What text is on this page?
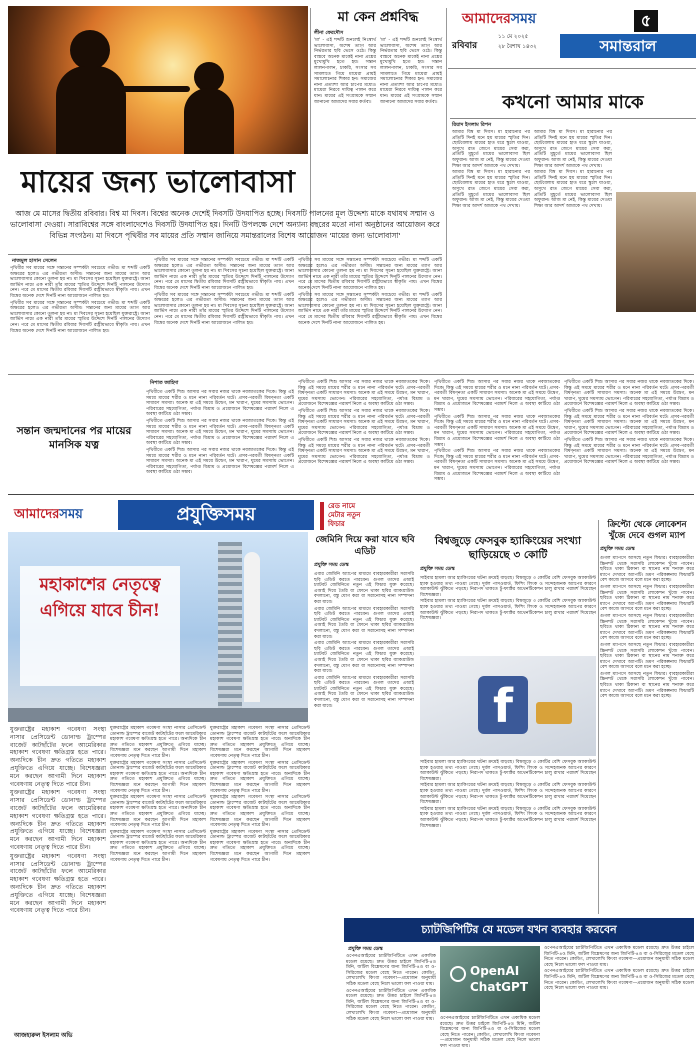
আমাদেরসময়	৫
রবিবার
১১ মে ২০২৫
২৮ বৈশাখ ১৪৩২	সমান্তরাল
মা কেন প্রশ্নবিদ্ধ
লীনা ফেরদৌস

'মা' - এই শব্দটি শুনলেই নিঃস্বার্থ ভালোবাসা, অশেষ ত্যাগ আর নির্ভরতার ছবি ভেসে ওঠে। কিন্তু বাস্তবে অনেক মাকেই নানা প্রশ্নের মুখোমুখি হতে হয়। সন্তান লালনপালন, চাকরি, সংসার সব সামলাতে গিয়ে মায়েরা প্রায়ই সমালোচনার শিকার হন। সমাজের নানা প্রত্যাশা আর চাপের মধ্যেও মায়েরা নিরবে দায়িত্ব পালন করে যান। মায়ের এই সংগ্রামকে সম্মান জানানো আমাদের সবার কর্তব্য।

'মা' - এই শব্দটি শুনলেই নিঃস্বার্থ ভালোবাসা, অশেষ ত্যাগ আর নির্ভরতার ছবি ভেসে ওঠে। কিন্তু বাস্তবে অনেক মাকেই নানা প্রশ্নের মুখোমুখি হতে হয়। সন্তান লালনপালন, চাকরি, সংসার সব সামলাতে গিয়ে মায়েরা প্রায়ই সমালোচনার শিকার হন। সমাজের নানা প্রত্যাশা আর চাপের মধ্যেও মায়েরা নিরবে দায়িত্ব পালন করে যান। মায়ের এই সংগ্রামকে সম্মান জানানো আমাদের সবার কর্তব্য।	কখনো আমার মাকে
রিয়াদ ইসলাম রিপন

আমার বিশ্ব মা দিবস। মা হারানোর পর প্রতিটি দিনই মনে হয় মায়ের স্মৃতির দিন। ছোটবেলায় মায়ের হাত ধরে স্কুলে যাওয়া, অসুখে রাত জেগে মায়ের সেবা করা, প্রতিটি মুহূর্তে মায়ের ভালোবাসা ছিল অফুরান। আজ মা নেই, কিন্তু মায়ের দেওয়া শিক্ষা আর আদর্শ আমাকে পথ দেখায়।

আমার বিশ্ব মা দিবস। মা হারানোর পর প্রতিটি দিনই মনে হয় মায়ের স্মৃতির দিন। ছোটবেলায় মায়ের হাত ধরে স্কুলে যাওয়া, অসুখে রাত জেগে মায়ের সেবা করা, প্রতিটি মুহূর্তে মায়ের ভালোবাসা ছিল অফুরান। আজ মা নেই, কিন্তু মায়ের দেওয়া শিক্ষা আর আদর্শ আমাকে পথ দেখায়।

আমার বিশ্ব মা দিবস। মা হারানোর পর প্রতিটি দিনই মনে হয় মায়ের স্মৃতির দিন। ছোটবেলায় মায়ের হাত ধরে স্কুলে যাওয়া, অসুখে রাত জেগে মায়ের সেবা করা, প্রতিটি মুহূর্তে মায়ের ভালোবাসা ছিল অফুরান। আজ মা নেই, কিন্তু মায়ের দেওয়া শিক্ষা আর আদর্শ আমাকে পথ দেখায়।

আমার বিশ্ব মা দিবস। মা হারানোর পর প্রতিটি দিনই মনে হয় মায়ের স্মৃতির দিন। ছোটবেলায় মায়ের হাত ধরে স্কুলে যাওয়া, অসুখে রাত জেগে মায়ের সেবা করা, প্রতিটি মুহূর্তে মায়ের ভালোবাসা ছিল অফুরান। আজ মা নেই, কিন্তু মায়ের দেওয়া শিক্ষা আর আদর্শ আমাকে পথ দেখায়।

মায়ের জন্য ভালোবাসা
আজ মে মাসের দ্বিতীয় রবিবার। বিশ্ব মা দিবস। বিশ্বের অনেক দেশেই দিবসটি উদযাপিত হচ্ছে। দিবসটি পালনের মূল উদ্দেশ্য মাকে যথাযথ সম্মান ও ভালোবাসা দেওয়া। সারাবিশ্বের সঙ্গে বাংলাদেশেও দিবসটি উদযাপিত হয়। দিনটি উপলক্ষে দেশে অন্যান্য বছরের মতো নানা অনুষ্ঠানের আয়োজন করে বিভিন্ন সংগঠন। মা দিবসে পৃথিবীর সব মায়ের প্রতি সম্মান জানিয়ে সমান্তরালের বিশেষ আয়োজন 'মায়ের জন্য ভালোবাসা'
নাজমুল হাসান সেলেন

পৃথিবীর সব মায়ের সঙ্গে সন্তানের সম্পর্কটা সবচেয়ে গভীর। মা শব্দটি একটি অক্ষরের হলেও এর গভীরতা অসীম। সন্তানের জন্য মায়ের ত্যাগ আর ভালোবাসার কোনো তুলনা হয় না। মা দিবসের সূচনা হয়েছিল যুক্তরাষ্ট্রে। আনা জার্ভিস নামে এক নারী তাঁর মায়ের স্মৃতির উদ্দেশে দিনটি পালনের উদ্যোগ নেন। পরে মে মাসের দ্বিতীয় রবিবার দিবসটি রাষ্ট্রীয়ভাবে স্বীকৃতি পায়। এখন বিশ্বের অনেক দেশে দিনটি নানা আয়োজনে পালিত হয়।

পৃথিবীর সব মায়ের সঙ্গে সন্তানের সম্পর্কটা সবচেয়ে গভীর। মা শব্দটি একটি অক্ষরের হলেও এর গভীরতা অসীম। সন্তানের জন্য মায়ের ত্যাগ আর ভালোবাসার কোনো তুলনা হয় না। মা দিবসের সূচনা হয়েছিল যুক্তরাষ্ট্রে। আনা জার্ভিস নামে এক নারী তাঁর মায়ের স্মৃতির উদ্দেশে দিনটি পালনের উদ্যোগ নেন। পরে মে মাসের দ্বিতীয় রবিবার দিবসটি রাষ্ট্রীয়ভাবে স্বীকৃতি পায়। এখন বিশ্বের অনেক দেশে দিনটি নানা আয়োজনে পালিত হয়।

পৃথিবীর সব মায়ের সঙ্গে সন্তানের সম্পর্কটা সবচেয়ে গভীর। মা শব্দটি একটি অক্ষরের হলেও এর গভীরতা অসীম। সন্তানের জন্য মায়ের ত্যাগ আর ভালোবাসার কোনো তুলনা হয় না। মা দিবসের সূচনা হয়েছিল যুক্তরাষ্ট্রে। আনা জার্ভিস নামে এক নারী তাঁর মায়ের স্মৃতির উদ্দেশে দিনটি পালনের উদ্যোগ নেন। পরে মে মাসের দ্বিতীয় রবিবার দিবসটি রাষ্ট্রীয়ভাবে স্বীকৃতি পায়। এখন বিশ্বের অনেক দেশে দিনটি নানা আয়োজনে পালিত হয়।

পৃথিবীর সব মায়ের সঙ্গে সন্তানের সম্পর্কটা সবচেয়ে গভীর। মা শব্দটি একটি অক্ষরের হলেও এর গভীরতা অসীম। সন্তানের জন্য মায়ের ত্যাগ আর ভালোবাসার কোনো তুলনা হয় না। মা দিবসের সূচনা হয়েছিল যুক্তরাষ্ট্রে। আনা জার্ভিস নামে এক নারী তাঁর মায়ের স্মৃতির উদ্দেশে দিনটি পালনের উদ্যোগ নেন। পরে মে মাসের দ্বিতীয় রবিবার দিবসটি রাষ্ট্রীয়ভাবে স্বীকৃতি পায়। এখন বিশ্বের অনেক দেশে দিনটি নানা আয়োজনে পালিত হয়।

পৃথিবীর সব মায়ের সঙ্গে সন্তানের সম্পর্কটা সবচেয়ে গভীর। মা শব্দটি একটি অক্ষরের হলেও এর গভীরতা অসীম। সন্তানের জন্য মায়ের ত্যাগ আর ভালোবাসার কোনো তুলনা হয় না। মা দিবসের সূচনা হয়েছিল যুক্তরাষ্ট্রে। আনা জার্ভিস নামে এক নারী তাঁর মায়ের স্মৃতির উদ্দেশে দিনটি পালনের উদ্যোগ নেন। পরে মে মাসের দ্বিতীয় রবিবার দিবসটি রাষ্ট্রীয়ভাবে স্বীকৃতি পায়। এখন বিশ্বের অনেক দেশে দিনটি নানা আয়োজনে পালিত হয়।

পৃথিবীর সব মায়ের সঙ্গে সন্তানের সম্পর্কটা সবচেয়ে গভীর। মা শব্দটি একটি অক্ষরের হলেও এর গভীরতা অসীম। সন্তানের জন্য মায়ের ত্যাগ আর ভালোবাসার কোনো তুলনা হয় না। মা দিবসের সূচনা হয়েছিল যুক্তরাষ্ট্রে। আনা জার্ভিস নামে এক নারী তাঁর মায়ের স্মৃতির উদ্দেশে দিনটি পালনের উদ্যোগ নেন। পরে মে মাসের দ্বিতীয় রবিবার দিবসটি রাষ্ট্রীয়ভাবে স্বীকৃতি পায়। এখন বিশ্বের অনেক দেশে দিনটি নানা আয়োজনে পালিত হয়।

সন্তান জন্মদানের পর মায়ের মানসিক যত্ন
নিশাত জাহিদা

পৃথিবীতে একটি শিশু আসার পর সবার নজর থাকে নবজাতকের দিকে। কিন্তু এই সময়ে মায়ের শরীর ও মনে নানা পরিবর্তন ঘটে। প্রসব-পরবর্তী বিষণ্নতা একটি সাধারণ সমস্যা। অনেক মা এই সময়ে উদ্বেগ, মন খারাপ, ঘুমের সমস্যায় ভোগেন। পরিবারের সহযোগিতা, পর্যাপ্ত বিশ্রাম ও প্রয়োজনে বিশেষজ্ঞের পরামর্শ নিলে এ অবস্থা কাটিয়ে ওঠা সম্ভব।

পৃথিবীতে একটি শিশু আসার পর সবার নজর থাকে নবজাতকের দিকে। কিন্তু এই সময়ে মায়ের শরীর ও মনে নানা পরিবর্তন ঘটে। প্রসব-পরবর্তী বিষণ্নতা একটি সাধারণ সমস্যা। অনেক মা এই সময়ে উদ্বেগ, মন খারাপ, ঘুমের সমস্যায় ভোগেন। পরিবারের সহযোগিতা, পর্যাপ্ত বিশ্রাম ও প্রয়োজনে বিশেষজ্ঞের পরামর্শ নিলে এ অবস্থা কাটিয়ে ওঠা সম্ভব।

পৃথিবীতে একটি শিশু আসার পর সবার নজর থাকে নবজাতকের দিকে। কিন্তু এই সময়ে মায়ের শরীর ও মনে নানা পরিবর্তন ঘটে। প্রসব-পরবর্তী বিষণ্নতা একটি সাধারণ সমস্যা। অনেক মা এই সময়ে উদ্বেগ, মন খারাপ, ঘুমের সমস্যায় ভোগেন। পরিবারের সহযোগিতা, পর্যাপ্ত বিশ্রাম ও প্রয়োজনে বিশেষজ্ঞের পরামর্শ নিলে এ অবস্থা কাটিয়ে ওঠা সম্ভব।

পৃথিবীতে একটি শিশু আসার পর সবার নজর থাকে নবজাতকের দিকে। কিন্তু এই সময়ে মায়ের শরীর ও মনে নানা পরিবর্তন ঘটে। প্রসব-পরবর্তী বিষণ্নতা একটি সাধারণ সমস্যা। অনেক মা এই সময়ে উদ্বেগ, মন খারাপ, ঘুমের সমস্যায় ভোগেন। পরিবারের সহযোগিতা, পর্যাপ্ত বিশ্রাম ও প্রয়োজনে বিশেষজ্ঞের পরামর্শ নিলে এ অবস্থা কাটিয়ে ওঠা সম্ভব।

পৃথিবীতে একটি শিশু আসার পর সবার নজর থাকে নবজাতকের দিকে। কিন্তু এই সময়ে মায়ের শরীর ও মনে নানা পরিবর্তন ঘটে। প্রসব-পরবর্তী বিষণ্নতা একটি সাধারণ সমস্যা। অনেক মা এই সময়ে উদ্বেগ, মন খারাপ, ঘুমের সমস্যায় ভোগেন। পরিবারের সহযোগিতা, পর্যাপ্ত বিশ্রাম ও প্রয়োজনে বিশেষজ্ঞের পরামর্শ নিলে এ অবস্থা কাটিয়ে ওঠা সম্ভব।

পৃথিবীতে একটি শিশু আসার পর সবার নজর থাকে নবজাতকের দিকে। কিন্তু এই সময়ে মায়ের শরীর ও মনে নানা পরিবর্তন ঘটে। প্রসব-পরবর্তী বিষণ্নতা একটি সাধারণ সমস্যা। অনেক মা এই সময়ে উদ্বেগ, মন খারাপ, ঘুমের সমস্যায় ভোগেন। পরিবারের সহযোগিতা, পর্যাপ্ত বিশ্রাম ও প্রয়োজনে বিশেষজ্ঞের পরামর্শ নিলে এ অবস্থা কাটিয়ে ওঠা সম্ভব।

পৃথিবীতে একটি শিশু আসার পর সবার নজর থাকে নবজাতকের দিকে। কিন্তু এই সময়ে মায়ের শরীর ও মনে নানা পরিবর্তন ঘটে। প্রসব-পরবর্তী বিষণ্নতা একটি সাধারণ সমস্যা। অনেক মা এই সময়ে উদ্বেগ, মন খারাপ, ঘুমের সমস্যায় ভোগেন। পরিবারের সহযোগিতা, পর্যাপ্ত বিশ্রাম ও প্রয়োজনে বিশেষজ্ঞের পরামর্শ নিলে এ অবস্থা কাটিয়ে ওঠা সম্ভব।

পৃথিবীতে একটি শিশু আসার পর সবার নজর থাকে নবজাতকের দিকে। কিন্তু এই সময়ে মায়ের শরীর ও মনে নানা পরিবর্তন ঘটে। প্রসব-পরবর্তী বিষণ্নতা একটি সাধারণ সমস্যা। অনেক মা এই সময়ে উদ্বেগ, মন খারাপ, ঘুমের সমস্যায় ভোগেন। পরিবারের সহযোগিতা, পর্যাপ্ত বিশ্রাম ও প্রয়োজনে বিশেষজ্ঞের পরামর্শ নিলে এ অবস্থা কাটিয়ে ওঠা সম্ভব।

পৃথিবীতে একটি শিশু আসার পর সবার নজর থাকে নবজাতকের দিকে। কিন্তু এই সময়ে মায়ের শরীর ও মনে নানা পরিবর্তন ঘটে। প্রসব-পরবর্তী বিষণ্নতা একটি সাধারণ সমস্যা। অনেক মা এই সময়ে উদ্বেগ, মন খারাপ, ঘুমের সমস্যায় ভোগেন। পরিবারের সহযোগিতা, পর্যাপ্ত বিশ্রাম ও প্রয়োজনে বিশেষজ্ঞের পরামর্শ নিলে এ অবস্থা কাটিয়ে ওঠা সম্ভব।

পৃথিবীতে একটি শিশু আসার পর সবার নজর থাকে নবজাতকের দিকে। কিন্তু এই সময়ে মায়ের শরীর ও মনে নানা পরিবর্তন ঘটে। প্রসব-পরবর্তী বিষণ্নতা একটি সাধারণ সমস্যা। অনেক মা এই সময়ে উদ্বেগ, মন খারাপ, ঘুমের সমস্যায় ভোগেন। পরিবারের সহযোগিতা, পর্যাপ্ত বিশ্রাম ও প্রয়োজনে বিশেষজ্ঞের পরামর্শ নিলে এ অবস্থা কাটিয়ে ওঠা সম্ভব।

পৃথিবীতে একটি শিশু আসার পর সবার নজর থাকে নবজাতকের দিকে। কিন্তু এই সময়ে মায়ের শরীর ও মনে নানা পরিবর্তন ঘটে। প্রসব-পরবর্তী বিষণ্নতা একটি সাধারণ সমস্যা। অনেক মা এই সময়ে উদ্বেগ, মন খারাপ, ঘুমের সমস্যায় ভোগেন। পরিবারের সহযোগিতা, পর্যাপ্ত বিশ্রাম ও প্রয়োজনে বিশেষজ্ঞের পরামর্শ নিলে এ অবস্থা কাটিয়ে ওঠা সম্ভব।

পৃথিবীতে একটি শিশু আসার পর সবার নজর থাকে নবজাতকের দিকে। কিন্তু এই সময়ে মায়ের শরীর ও মনে নানা পরিবর্তন ঘটে। প্রসব-পরবর্তী বিষণ্নতা একটি সাধারণ সমস্যা। অনেক মা এই সময়ে উদ্বেগ, মন খারাপ, ঘুমের সমস্যায় ভোগেন। পরিবারের সহযোগিতা, পর্যাপ্ত বিশ্রাম ও প্রয়োজনে বিশেষজ্ঞের পরামর্শ নিলে এ অবস্থা কাটিয়ে ওঠা সম্ভব।

আমাদেরসময়	প্রযুক্তিসময়	রেড নামে
মেটার নতুন
ফিচার
মহাকাশের নেতৃত্বে এগিয়ে যাবে চীন!

যুক্তরাষ্ট্রের মহাকাশ গবেষণা সংস্থা নাসার প্রেসিডেন্ট ডোনাল্ড ট্রাম্পের বাজেট কাটছাঁটের ফলে আমেরিকার মহাকাশ গবেষণা ক্ষতিগ্রস্ত হতে পারে। অন্যদিকে চীন দ্রুত গতিতে মহাকাশ প্রযুক্তিতে এগিয়ে যাচ্ছে। বিশেষজ্ঞরা মনে করছেন আগামী দিনে মহাকাশ গবেষণায় নেতৃত্ব দিতে পারে চীন।

যুক্তরাষ্ট্রের মহাকাশ গবেষণা সংস্থা নাসার প্রেসিডেন্ট ডোনাল্ড ট্রাম্পের বাজেট কাটছাঁটের ফলে আমেরিকার মহাকাশ গবেষণা ক্ষতিগ্রস্ত হতে পারে। অন্যদিকে চীন দ্রুত গতিতে মহাকাশ প্রযুক্তিতে এগিয়ে যাচ্ছে। বিশেষজ্ঞরা মনে করছেন আগামী দিনে মহাকাশ গবেষণায় নেতৃত্ব দিতে পারে চীন।

যুক্তরাষ্ট্রের মহাকাশ গবেষণা সংস্থা নাসার প্রেসিডেন্ট ডোনাল্ড ট্রাম্পের বাজেট কাটছাঁটের ফলে আমেরিকার মহাকাশ গবেষণা ক্ষতিগ্রস্ত হতে পারে। অন্যদিকে চীন দ্রুত গতিতে মহাকাশ প্রযুক্তিতে এগিয়ে যাচ্ছে। বিশেষজ্ঞরা মনে করছেন আগামী দিনে মহাকাশ গবেষণায় নেতৃত্ব দিতে পারে চীন।

আজহারুল ইসলাম অভি

যুক্তরাষ্ট্রের মহাকাশ গবেষণা সংস্থা নাসার প্রেসিডেন্ট ডোনাল্ড ট্রাম্পের বাজেট কাটছাঁটের ফলে আমেরিকার মহাকাশ গবেষণা ক্ষতিগ্রস্ত হতে পারে। অন্যদিকে চীন দ্রুত গতিতে মহাকাশ প্রযুক্তিতে এগিয়ে যাচ্ছে। বিশেষজ্ঞরা মনে করছেন আগামী দিনে মহাকাশ গবেষণায় নেতৃত্ব দিতে পারে চীন।

যুক্তরাষ্ট্রের মহাকাশ গবেষণা সংস্থা নাসার প্রেসিডেন্ট ডোনাল্ড ট্রাম্পের বাজেট কাটছাঁটের ফলে আমেরিকার মহাকাশ গবেষণা ক্ষতিগ্রস্ত হতে পারে। অন্যদিকে চীন দ্রুত গতিতে মহাকাশ প্রযুক্তিতে এগিয়ে যাচ্ছে। বিশেষজ্ঞরা মনে করছেন আগামী দিনে মহাকাশ গবেষণায় নেতৃত্ব দিতে পারে চীন।

যুক্তরাষ্ট্রের মহাকাশ গবেষণা সংস্থা নাসার প্রেসিডেন্ট ডোনাল্ড ট্রাম্পের বাজেট কাটছাঁটের ফলে আমেরিকার মহাকাশ গবেষণা ক্ষতিগ্রস্ত হতে পারে। অন্যদিকে চীন দ্রুত গতিতে মহাকাশ প্রযুক্তিতে এগিয়ে যাচ্ছে। বিশেষজ্ঞরা মনে করছেন আগামী দিনে মহাকাশ গবেষণায় নেতৃত্ব দিতে পারে চীন।

যুক্তরাষ্ট্রের মহাকাশ গবেষণা সংস্থা নাসার প্রেসিডেন্ট ডোনাল্ড ট্রাম্পের বাজেট কাটছাঁটের ফলে আমেরিকার মহাকাশ গবেষণা ক্ষতিগ্রস্ত হতে পারে। অন্যদিকে চীন দ্রুত গতিতে মহাকাশ প্রযুক্তিতে এগিয়ে যাচ্ছে। বিশেষজ্ঞরা মনে করছেন আগামী দিনে মহাকাশ গবেষণায় নেতৃত্ব দিতে পারে চীন।

যুক্তরাষ্ট্রের মহাকাশ গবেষণা সংস্থা নাসার প্রেসিডেন্ট ডোনাল্ড ট্রাম্পের বাজেট কাটছাঁটের ফলে আমেরিকার মহাকাশ গবেষণা ক্ষতিগ্রস্ত হতে পারে। অন্যদিকে চীন দ্রুত গতিতে মহাকাশ প্রযুক্তিতে এগিয়ে যাচ্ছে। বিশেষজ্ঞরা মনে করছেন আগামী দিনে মহাকাশ গবেষণায় নেতৃত্ব দিতে পারে চীন।

যুক্তরাষ্ট্রের মহাকাশ গবেষণা সংস্থা নাসার প্রেসিডেন্ট ডোনাল্ড ট্রাম্পের বাজেট কাটছাঁটের ফলে আমেরিকার মহাকাশ গবেষণা ক্ষতিগ্রস্ত হতে পারে। অন্যদিকে চীন দ্রুত গতিতে মহাকাশ প্রযুক্তিতে এগিয়ে যাচ্ছে। বিশেষজ্ঞরা মনে করছেন আগামী দিনে মহাকাশ গবেষণায় নেতৃত্ব দিতে পারে চীন।

যুক্তরাষ্ট্রের মহাকাশ গবেষণা সংস্থা নাসার প্রেসিডেন্ট ডোনাল্ড ট্রাম্পের বাজেট কাটছাঁটের ফলে আমেরিকার মহাকাশ গবেষণা ক্ষতিগ্রস্ত হতে পারে। অন্যদিকে চীন দ্রুত গতিতে মহাকাশ প্রযুক্তিতে এগিয়ে যাচ্ছে। বিশেষজ্ঞরা মনে করছেন আগামী দিনে মহাকাশ গবেষণায় নেতৃত্ব দিতে পারে চীন।

যুক্তরাষ্ট্রের মহাকাশ গবেষণা সংস্থা নাসার প্রেসিডেন্ট ডোনাল্ড ট্রাম্পের বাজেট কাটছাঁটের ফলে আমেরিকার মহাকাশ গবেষণা ক্ষতিগ্রস্ত হতে পারে। অন্যদিকে চীন দ্রুত গতিতে মহাকাশ প্রযুক্তিতে এগিয়ে যাচ্ছে। বিশেষজ্ঞরা মনে করছেন আগামী দিনে মহাকাশ গবেষণায় নেতৃত্ব দিতে পারে চীন।

জেমিনি দিয়ে করা যাবে ছবি এডিট
প্রযুক্তি সময় ডেস্ক

এবার জেমিনি অ্যাপের মাধ্যমে ব্যবহারকারীরা সরাসরি ছবি এডিট করতে পারবেন। গুগল তাদের এআই চ্যাটবট জেমিনিতে নতুন এই ফিচার যুক্ত করেছে। এআই দিয়ে তৈরি বা ফোনে থাকা ছবির ব্যাকগ্রাউন্ড বদলানো, বস্তু যোগ করা বা সরানোসহ নানা সম্পাদনা করা যাবে।

এবার জেমিনি অ্যাপের মাধ্যমে ব্যবহারকারীরা সরাসরি ছবি এডিট করতে পারবেন। গুগল তাদের এআই চ্যাটবট জেমিনিতে নতুন এই ফিচার যুক্ত করেছে। এআই দিয়ে তৈরি বা ফোনে থাকা ছবির ব্যাকগ্রাউন্ড বদলানো, বস্তু যোগ করা বা সরানোসহ নানা সম্পাদনা করা যাবে।

এবার জেমিনি অ্যাপের মাধ্যমে ব্যবহারকারীরা সরাসরি ছবি এডিট করতে পারবেন। গুগল তাদের এআই চ্যাটবট জেমিনিতে নতুন এই ফিচার যুক্ত করেছে। এআই দিয়ে তৈরি বা ফোনে থাকা ছবির ব্যাকগ্রাউন্ড বদলানো, বস্তু যোগ করা বা সরানোসহ নানা সম্পাদনা করা যাবে।

এবার জেমিনি অ্যাপের মাধ্যমে ব্যবহারকারীরা সরাসরি ছবি এডিট করতে পারবেন। গুগল তাদের এআই চ্যাটবট জেমিনিতে নতুন এই ফিচার যুক্ত করেছে। এআই দিয়ে তৈরি বা ফোনে থাকা ছবির ব্যাকগ্রাউন্ড বদলানো, বস্তু যোগ করা বা সরানোসহ নানা সম্পাদনা করা যাবে।

বিশ্বজুড়ে ফেসবুক হ্যাকিংয়ের সংখ্যা ছাড়িয়েছে ৩ কোটি
প্রযুক্তি সময় ডেস্ক

সাইবার হামলা আর হ্যাকিংয়ের ঘটনা ক্রমেই বাড়ছে। বিশ্বজুড়ে ৩ কোটির বেশি ফেসবুক অ্যাকাউন্ট হ্যাক হওয়ার তথ্য পাওয়া গেছে। দুর্বল পাসওয়ার্ড, ফিশিং লিংক ও সন্দেহজনক অ্যাপের কারণে অ্যাকাউন্ট ঝুঁকিতে পড়ছে। নিরাপদ থাকতে টু-ফ্যাক্টর অথেনটিকেশন চালু রাখার পরামর্শ দিয়েছেন বিশেষজ্ঞরা।

সাইবার হামলা আর হ্যাকিংয়ের ঘটনা ক্রমেই বাড়ছে। বিশ্বজুড়ে ৩ কোটির বেশি ফেসবুক অ্যাকাউন্ট হ্যাক হওয়ার তথ্য পাওয়া গেছে। দুর্বল পাসওয়ার্ড, ফিশিং লিংক ও সন্দেহজনক অ্যাপের কারণে অ্যাকাউন্ট ঝুঁকিতে পড়ছে। নিরাপদ থাকতে টু-ফ্যাক্টর অথেনটিকেশন চালু রাখার পরামর্শ দিয়েছেন বিশেষজ্ঞরা।

f

সাইবার হামলা আর হ্যাকিংয়ের ঘটনা ক্রমেই বাড়ছে। বিশ্বজুড়ে ৩ কোটির বেশি ফেসবুক অ্যাকাউন্ট হ্যাক হওয়ার তথ্য পাওয়া গেছে। দুর্বল পাসওয়ার্ড, ফিশিং লিংক ও সন্দেহজনক অ্যাপের কারণে অ্যাকাউন্ট ঝুঁকিতে পড়ছে। নিরাপদ থাকতে টু-ফ্যাক্টর অথেনটিকেশন চালু রাখার পরামর্শ দিয়েছেন বিশেষজ্ঞরা।

সাইবার হামলা আর হ্যাকিংয়ের ঘটনা ক্রমেই বাড়ছে। বিশ্বজুড়ে ৩ কোটির বেশি ফেসবুক অ্যাকাউন্ট হ্যাক হওয়ার তথ্য পাওয়া গেছে। দুর্বল পাসওয়ার্ড, ফিশিং লিংক ও সন্দেহজনক অ্যাপের কারণে অ্যাকাউন্ট ঝুঁকিতে পড়ছে। নিরাপদ থাকতে টু-ফ্যাক্টর অথেনটিকেশন চালু রাখার পরামর্শ দিয়েছেন বিশেষজ্ঞরা।

সাইবার হামলা আর হ্যাকিংয়ের ঘটনা ক্রমেই বাড়ছে। বিশ্বজুড়ে ৩ কোটির বেশি ফেসবুক অ্যাকাউন্ট হ্যাক হওয়ার তথ্য পাওয়া গেছে। দুর্বল পাসওয়ার্ড, ফিশিং লিংক ও সন্দেহজনক অ্যাপের কারণে অ্যাকাউন্ট ঝুঁকিতে পড়ছে। নিরাপদ থাকতে টু-ফ্যাক্টর অথেনটিকেশন চালু রাখার পরামর্শ দিয়েছেন বিশেষজ্ঞরা।

ক্রিপ্টো থেকে লোকেশন খুঁজে দেবে গুগল ম্যাপ
প্রযুক্তি সময় ডেস্ক

গুগল ম্যাপসে আসছে নতুন ফিচার। ব্যবহারকারীরা স্ক্রিনশট থেকে সরাসরি লোকেশন খুঁজে পাবেন। ছবিতে থাকা ঠিকানা বা স্থানের নাম শনাক্ত করে ম্যাপে দেখাবে অ্যাপটি। ভ্রমণ পরিকল্পনায় ফিচারটি বেশ কাজে আসবে বলে মনে করা হচ্ছে।

গুগল ম্যাপসে আসছে নতুন ফিচার। ব্যবহারকারীরা স্ক্রিনশট থেকে সরাসরি লোকেশন খুঁজে পাবেন। ছবিতে থাকা ঠিকানা বা স্থানের নাম শনাক্ত করে ম্যাপে দেখাবে অ্যাপটি। ভ্রমণ পরিকল্পনায় ফিচারটি বেশ কাজে আসবে বলে মনে করা হচ্ছে।

গুগল ম্যাপসে আসছে নতুন ফিচার। ব্যবহারকারীরা স্ক্রিনশট থেকে সরাসরি লোকেশন খুঁজে পাবেন। ছবিতে থাকা ঠিকানা বা স্থানের নাম শনাক্ত করে ম্যাপে দেখাবে অ্যাপটি। ভ্রমণ পরিকল্পনায় ফিচারটি বেশ কাজে আসবে বলে মনে করা হচ্ছে।

গুগল ম্যাপসে আসছে নতুন ফিচার। ব্যবহারকারীরা স্ক্রিনশট থেকে সরাসরি লোকেশন খুঁজে পাবেন। ছবিতে থাকা ঠিকানা বা স্থানের নাম শনাক্ত করে ম্যাপে দেখাবে অ্যাপটি। ভ্রমণ পরিকল্পনায় ফিচারটি বেশ কাজে আসবে বলে মনে করা হচ্ছে।

গুগল ম্যাপসে আসছে নতুন ফিচার। ব্যবহারকারীরা স্ক্রিনশট থেকে সরাসরি লোকেশন খুঁজে পাবেন। ছবিতে থাকা ঠিকানা বা স্থানের নাম শনাক্ত করে ম্যাপে দেখাবে অ্যাপটি। ভ্রমণ পরিকল্পনায় ফিচারটি বেশ কাজে আসবে বলে মনে করা হচ্ছে।

চ্যাটজিপিটির যে মডেল যখন ব্যবহার করবেন
প্রযুক্তি সময় ডেস্ক

ওপেনএআইয়ের চ্যাটজিপিটিতে এখন একাধিক মডেল রয়েছে। দ্রুত উত্তর চাইলে জিপিটি-৪ও মিনি, জটিল বিশ্লেষণের জন্য জিপিটি-৪ও বা ও-সিরিজের মডেল বেছে নিতে পারেন। কোডিং, লেখালেখি কিংবা গবেষণা—প্রয়োজন অনুযায়ী সঠিক মডেল বেছে নিলে ভালো ফল পাওয়া যায়।

ওপেনএআইয়ের চ্যাটজিপিটিতে এখন একাধিক মডেল রয়েছে। দ্রুত উত্তর চাইলে জিপিটি-৪ও মিনি, জটিল বিশ্লেষণের জন্য জিপিটি-৪ও বা ও-সিরিজের মডেল বেছে নিতে পারেন। কোডিং, লেখালেখি কিংবা গবেষণা—প্রয়োজন অনুযায়ী সঠিক মডেল বেছে নিলে ভালো ফল পাওয়া যায়।

OpenAI
ChatGPT

ওপেনএআইয়ের চ্যাটজিপিটিতে এখন একাধিক মডেল রয়েছে। দ্রুত উত্তর চাইলে জিপিটি-৪ও মিনি, জটিল বিশ্লেষণের জন্য জিপিটি-৪ও বা ও-সিরিজের মডেল বেছে নিতে পারেন। কোডিং, লেখালেখি কিংবা গবেষণা—প্রয়োজন অনুযায়ী সঠিক মডেল বেছে নিলে ভালো ফল পাওয়া যায়।

ওপেনএআইয়ের চ্যাটজিপিটিতে এখন একাধিক মডেল রয়েছে। দ্রুত উত্তর চাইলে জিপিটি-৪ও মিনি, জটিল বিশ্লেষণের জন্য জিপিটি-৪ও বা ও-সিরিজের মডেল বেছে নিতে পারেন। কোডিং, লেখালেখি কিংবা গবেষণা—প্রয়োজন অনুযায়ী সঠিক মডেল বেছে নিলে ভালো ফল পাওয়া যায়।

ওপেনএআইয়ের চ্যাটজিপিটিতে এখন একাধিক মডেল রয়েছে। দ্রুত উত্তর চাইলে জিপিটি-৪ও মিনি, জটিল বিশ্লেষণের জন্য জিপিটি-৪ও বা ও-সিরিজের মডেল বেছে নিতে পারেন। কোডিং, লেখালেখি কিংবা গবেষণা—প্রয়োজন অনুযায়ী সঠিক মডেল বেছে নিলে ভালো ফল পাওয়া যায়।
